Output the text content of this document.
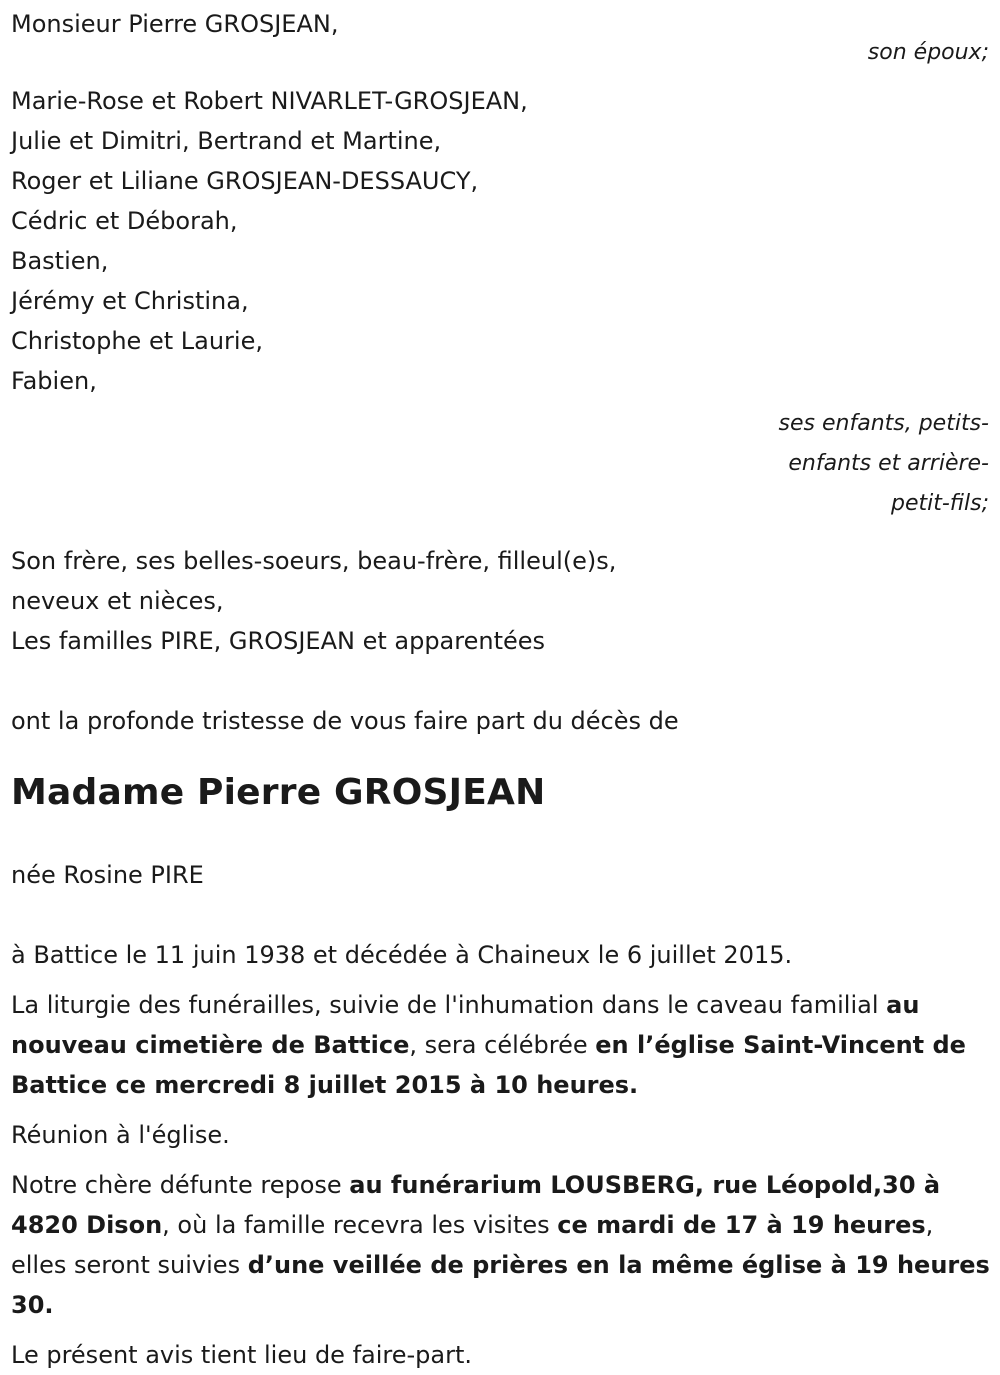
Monsieur Pierre GROSJEAN,

son époux;

Marie-Rose et Robert NIVARLET-GROSJEAN,

Julie et Dimitri, Bertrand et Martine,

Roger et Liliane GROSJEAN-DESSAUCY,

Cédric et Déborah,

Bastien,

Jérémy et Christina,

Christophe et Laurie,

Fabien,

ses enfants, petits-

enfants et arrière-

petit-fils;

Son frère, ses belles-soeurs, beau-frère, filleul(e)s,

neveux et nièces,

Les familles PIRE, GROSJEAN et apparentées

ont la profonde tristesse de vous faire part du décès de

Madame Pierre GROSJEAN

née Rosine PIRE

à Battice le 11 juin 1938 et décédée à Chaineux le 6 juillet 2015.

La liturgie des funérailles, suivie de l'inhumation dans le caveau familial au nouveau cimetière de Battice, sera célébrée en l’église Saint-Vincent de Battice ce mercredi 8 juillet 2015 à 10 heures.

Réunion à l'église.

Notre chère défunte repose au funérarium LOUSBERG, rue Léopold,30 à 4820 Dison, où la famille recevra les visites ce mardi de 17 à 19 heures, elles seront suivies d’une veillée de prières en la même église à 19 heures 30.

Le présent avis tient lieu de faire-part.
